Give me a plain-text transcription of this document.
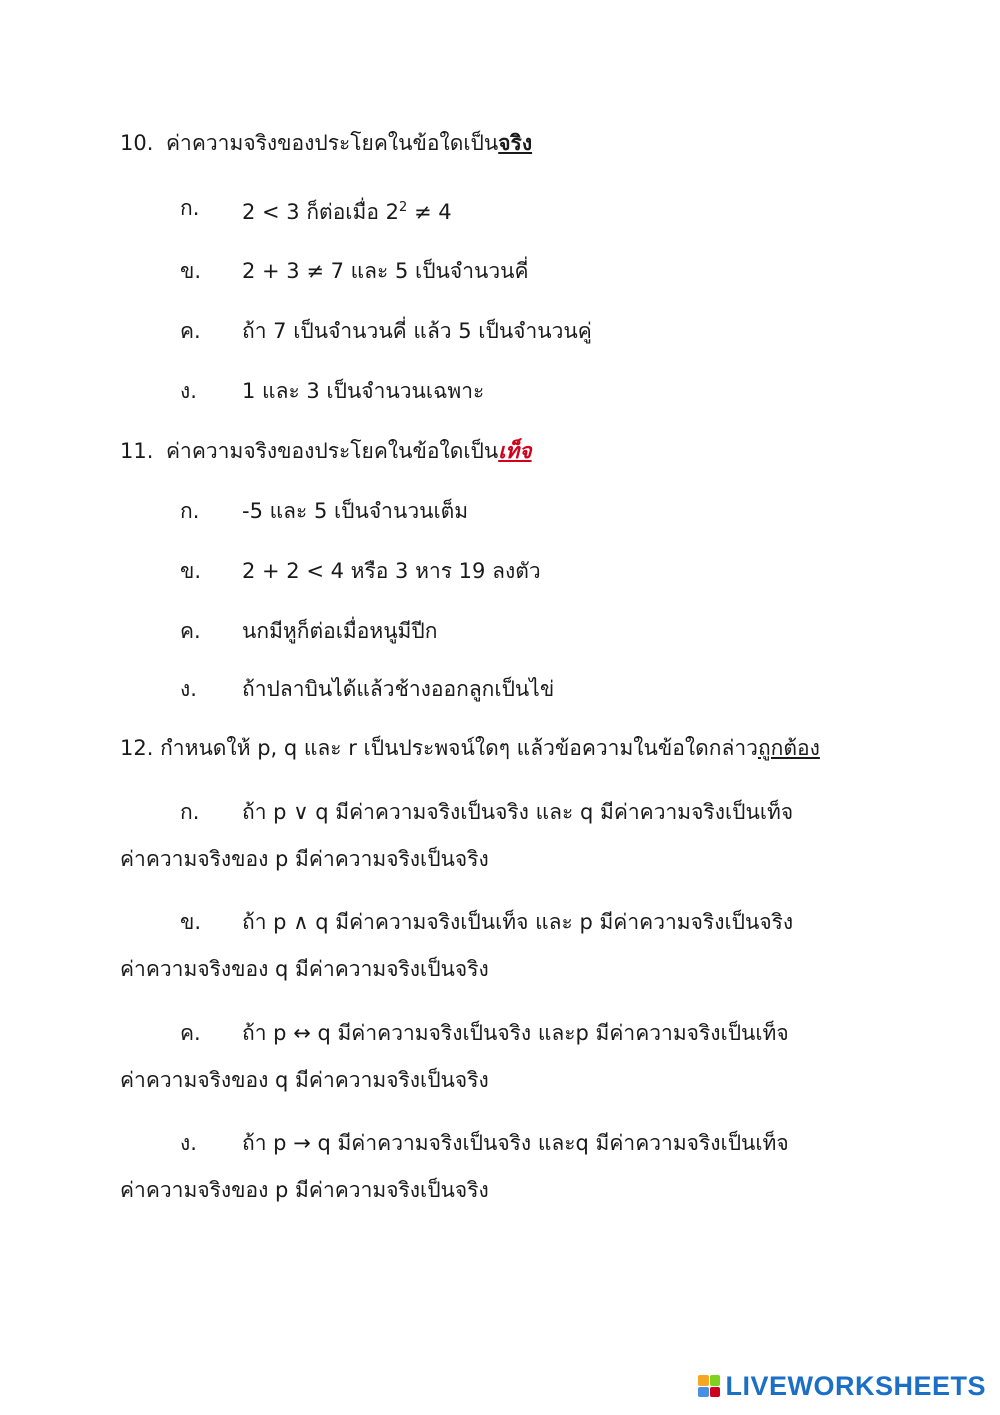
10. ค่าความจริงของประโยคในข้อใดเป็นจริง
ก. 2 < 3 ก็ต่อเมื่อ $2^2 \ne 4$
ข. 2 + 3 ≠ 7 และ 5 เป็นจำนวนคี่
ค. ถ้า 7 เป็นจำนวนคี่ แล้ว 5 เป็นจำนวนคู่
ง. 1 และ 3 เป็นจำนวนเฉพาะ
11. ค่าความจริงของประโยคในข้อใดเป็นเท็จ
ก. -5 และ 5 เป็นจำนวนเต็ม
ข. 2 + 2 < 4 หรือ 3 หาร 19 ลงตัว
ค. นกมีหูก็ต่อเมื่อหนูมีปีก
ง. ถ้าปลาบินได้แล้วช้างออกลูกเป็นไข่
12. กำหนดให้ p, q และ r เป็นประพจน์ใดๆ แล้วข้อความในข้อใดกล่าวถูกต้อง
ก. ถ้า p ∨ q มีค่าความจริงเป็นจริง และ q มีค่าความจริงเป็นเท็จ
ค่าความจริงของ p มีค่าความจริงเป็นจริง
ข. ถ้า p ∧ q มีค่าความจริงเป็นเท็จ และ p มีค่าความจริงเป็นจริง
ค่าความจริงของ q มีค่าความจริงเป็นจริง
ค. ถ้า p ↔ q มีค่าความจริงเป็นจริง และp มีค่าความจริงเป็นเท็จ
ค่าความจริงของ q มีค่าความจริงเป็นจริง
ง. ถ้า p → q มีค่าความจริงเป็นจริง และq มีค่าความจริงเป็นเท็จ
ค่าความจริงของ p มีค่าความจริงเป็นจริง
LIVEWORKSHEETS
